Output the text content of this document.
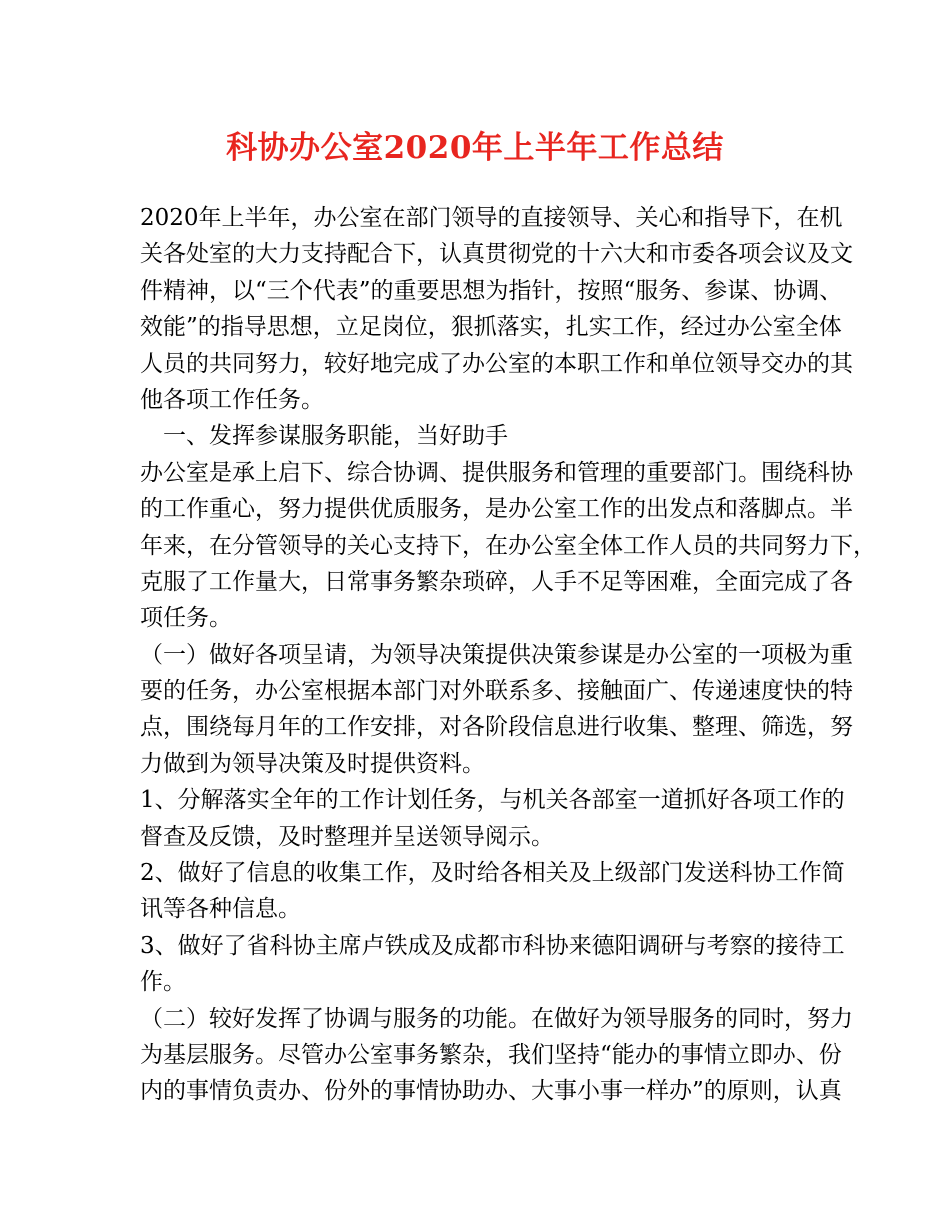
科协办公室2020年上半年工作总结
2020年上半年，办公室在部门领导的直接领导、关心和指导下，在机
关各处室的大力支持配合下，认真贯彻党的十六大和市委各项会议及文
件精神，以“三个代表”的重要思想为指针，按照“服务、参谋、协调、
效能”的指导思想，立足岗位，狠抓落实，扎实工作，经过办公室全体
人员的共同努力，较好地完成了办公室的本职工作和单位领导交办的其
他各项工作任务。
　一、发挥参谋服务职能，当好助手
办公室是承上启下、综合协调、提供服务和管理的重要部门。围绕科协
的工作重心，努力提供优质服务，是办公室工作的出发点和落脚点。半
年来，在分管领导的关心支持下，在办公室全体工作人员的共同努力下，
克服了工作量大，日常事务繁杂琐碎，人手不足等困难，全面完成了各
项任务。
（一）做好各项呈请，为领导决策提供决策参谋是办公室的一项极为重
要的任务，办公室根据本部门对外联系多、接触面广、传递速度快的特
点，围绕每月年的工作安排，对各阶段信息进行收集、整理、筛选，努
力做到为领导决策及时提供资料。
1、分解落实全年的工作计划任务，与机关各部室一道抓好各项工作的
督查及反馈，及时整理并呈送领导阅示。
2、做好了信息的收集工作，及时给各相关及上级部门发送科协工作简
讯等各种信息。
3、做好了省科协主席卢铁成及成都市科协来德阳调研与考察的接待工
作。
（二）较好发挥了协调与服务的功能。在做好为领导服务的同时，努力
为基层服务。尽管办公室事务繁杂，我们坚持“能办的事情立即办、份
内的事情负责办、份外的事情协助办、大事小事一样办”的原则，认真
